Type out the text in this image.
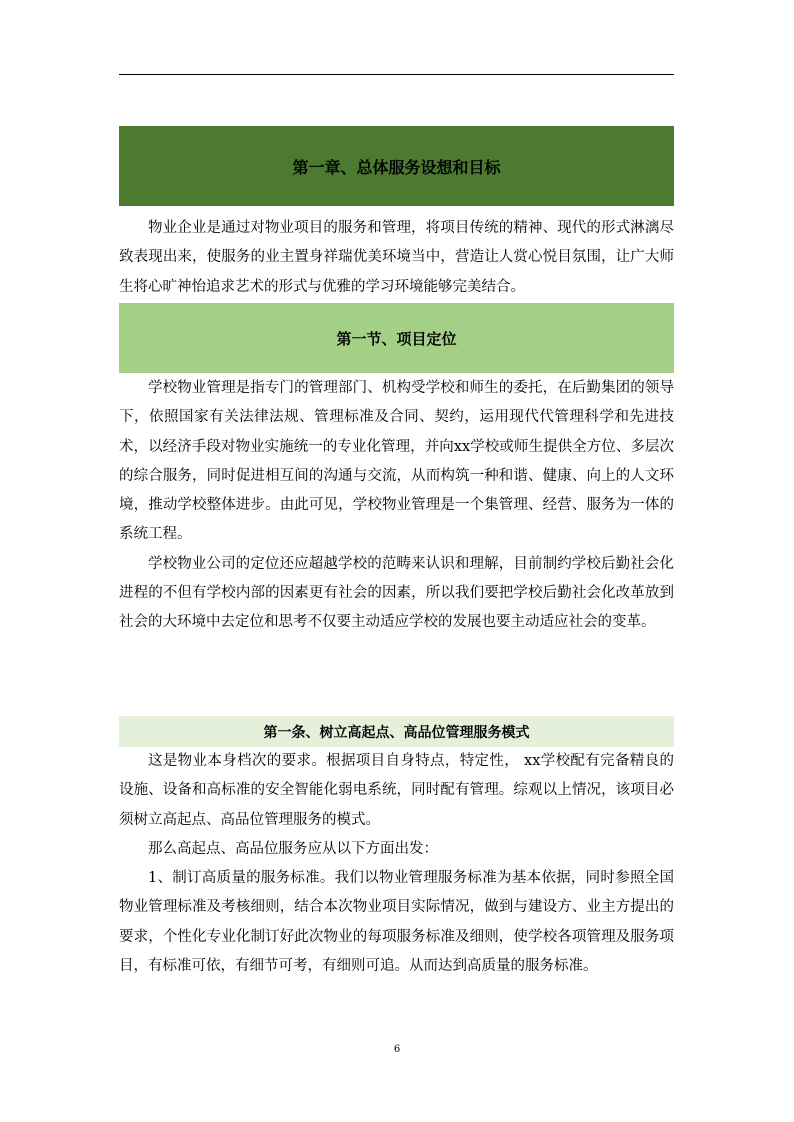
第一章、总体服务设想和目标

物业企业是通过对物业项目的服务和管理，将项目传统的精神、现代的形式淋漓尽致表现出来，使服务的业主置身祥瑞优美环境当中，营造让人赏心悦目氛围，让广大师生将心旷神怡追求艺术的形式与优雅的学习环境能够完美结合。

第一节、项目定位

学校物业管理是指专门的管理部门、机构受学校和师生的委托，在后勤集团的领导下，依照国家有关法律法规、管理标准及合同、契约，运用现代代管理科学和先进技术，以经济手段对物业实施统一的专业化管理，并向xx学校或师生提供全方位、多层次的综合服务，同时促进相互间的沟通与交流，从而构筑一种和谐、健康、向上的人文环境，推动学校整体进步。由此可见，学校物业管理是一个集管理、经营、服务为一体的系统工程。

学校物业公司的定位还应超越学校的范畴来认识和理解，目前制约学校后勤社会化进程的不但有学校内部的因素更有社会的因素，所以我们要把学校后勤社会化改革放到社会的大环境中去定位和思考不仅要主动适应学校的发展也要主动适应社会的变革。

第一条、树立高起点、高品位管理服务模式

这是物业本身档次的要求。根据项目自身特点，特定性， xx学校配有完备精良的设施、设备和高标准的安全智能化弱电系统，同时配有管理。综观以上情况，该项目必须树立高起点、高品位管理服务的模式。

那么高起点、高品位服务应从以下方面出发：

1、制订高质量的服务标准。我们以物业管理服务标准为基本依据，同时参照全国物业管理标准及考核细则，结合本次物业项目实际情况，做到与建设方、业主方提出的要求，个性化专业化制订好此次物业的每项服务标准及细则，使学校各项管理及服务项目，有标准可依，有细节可考，有细则可追。从而达到高质量的服务标准。

6
